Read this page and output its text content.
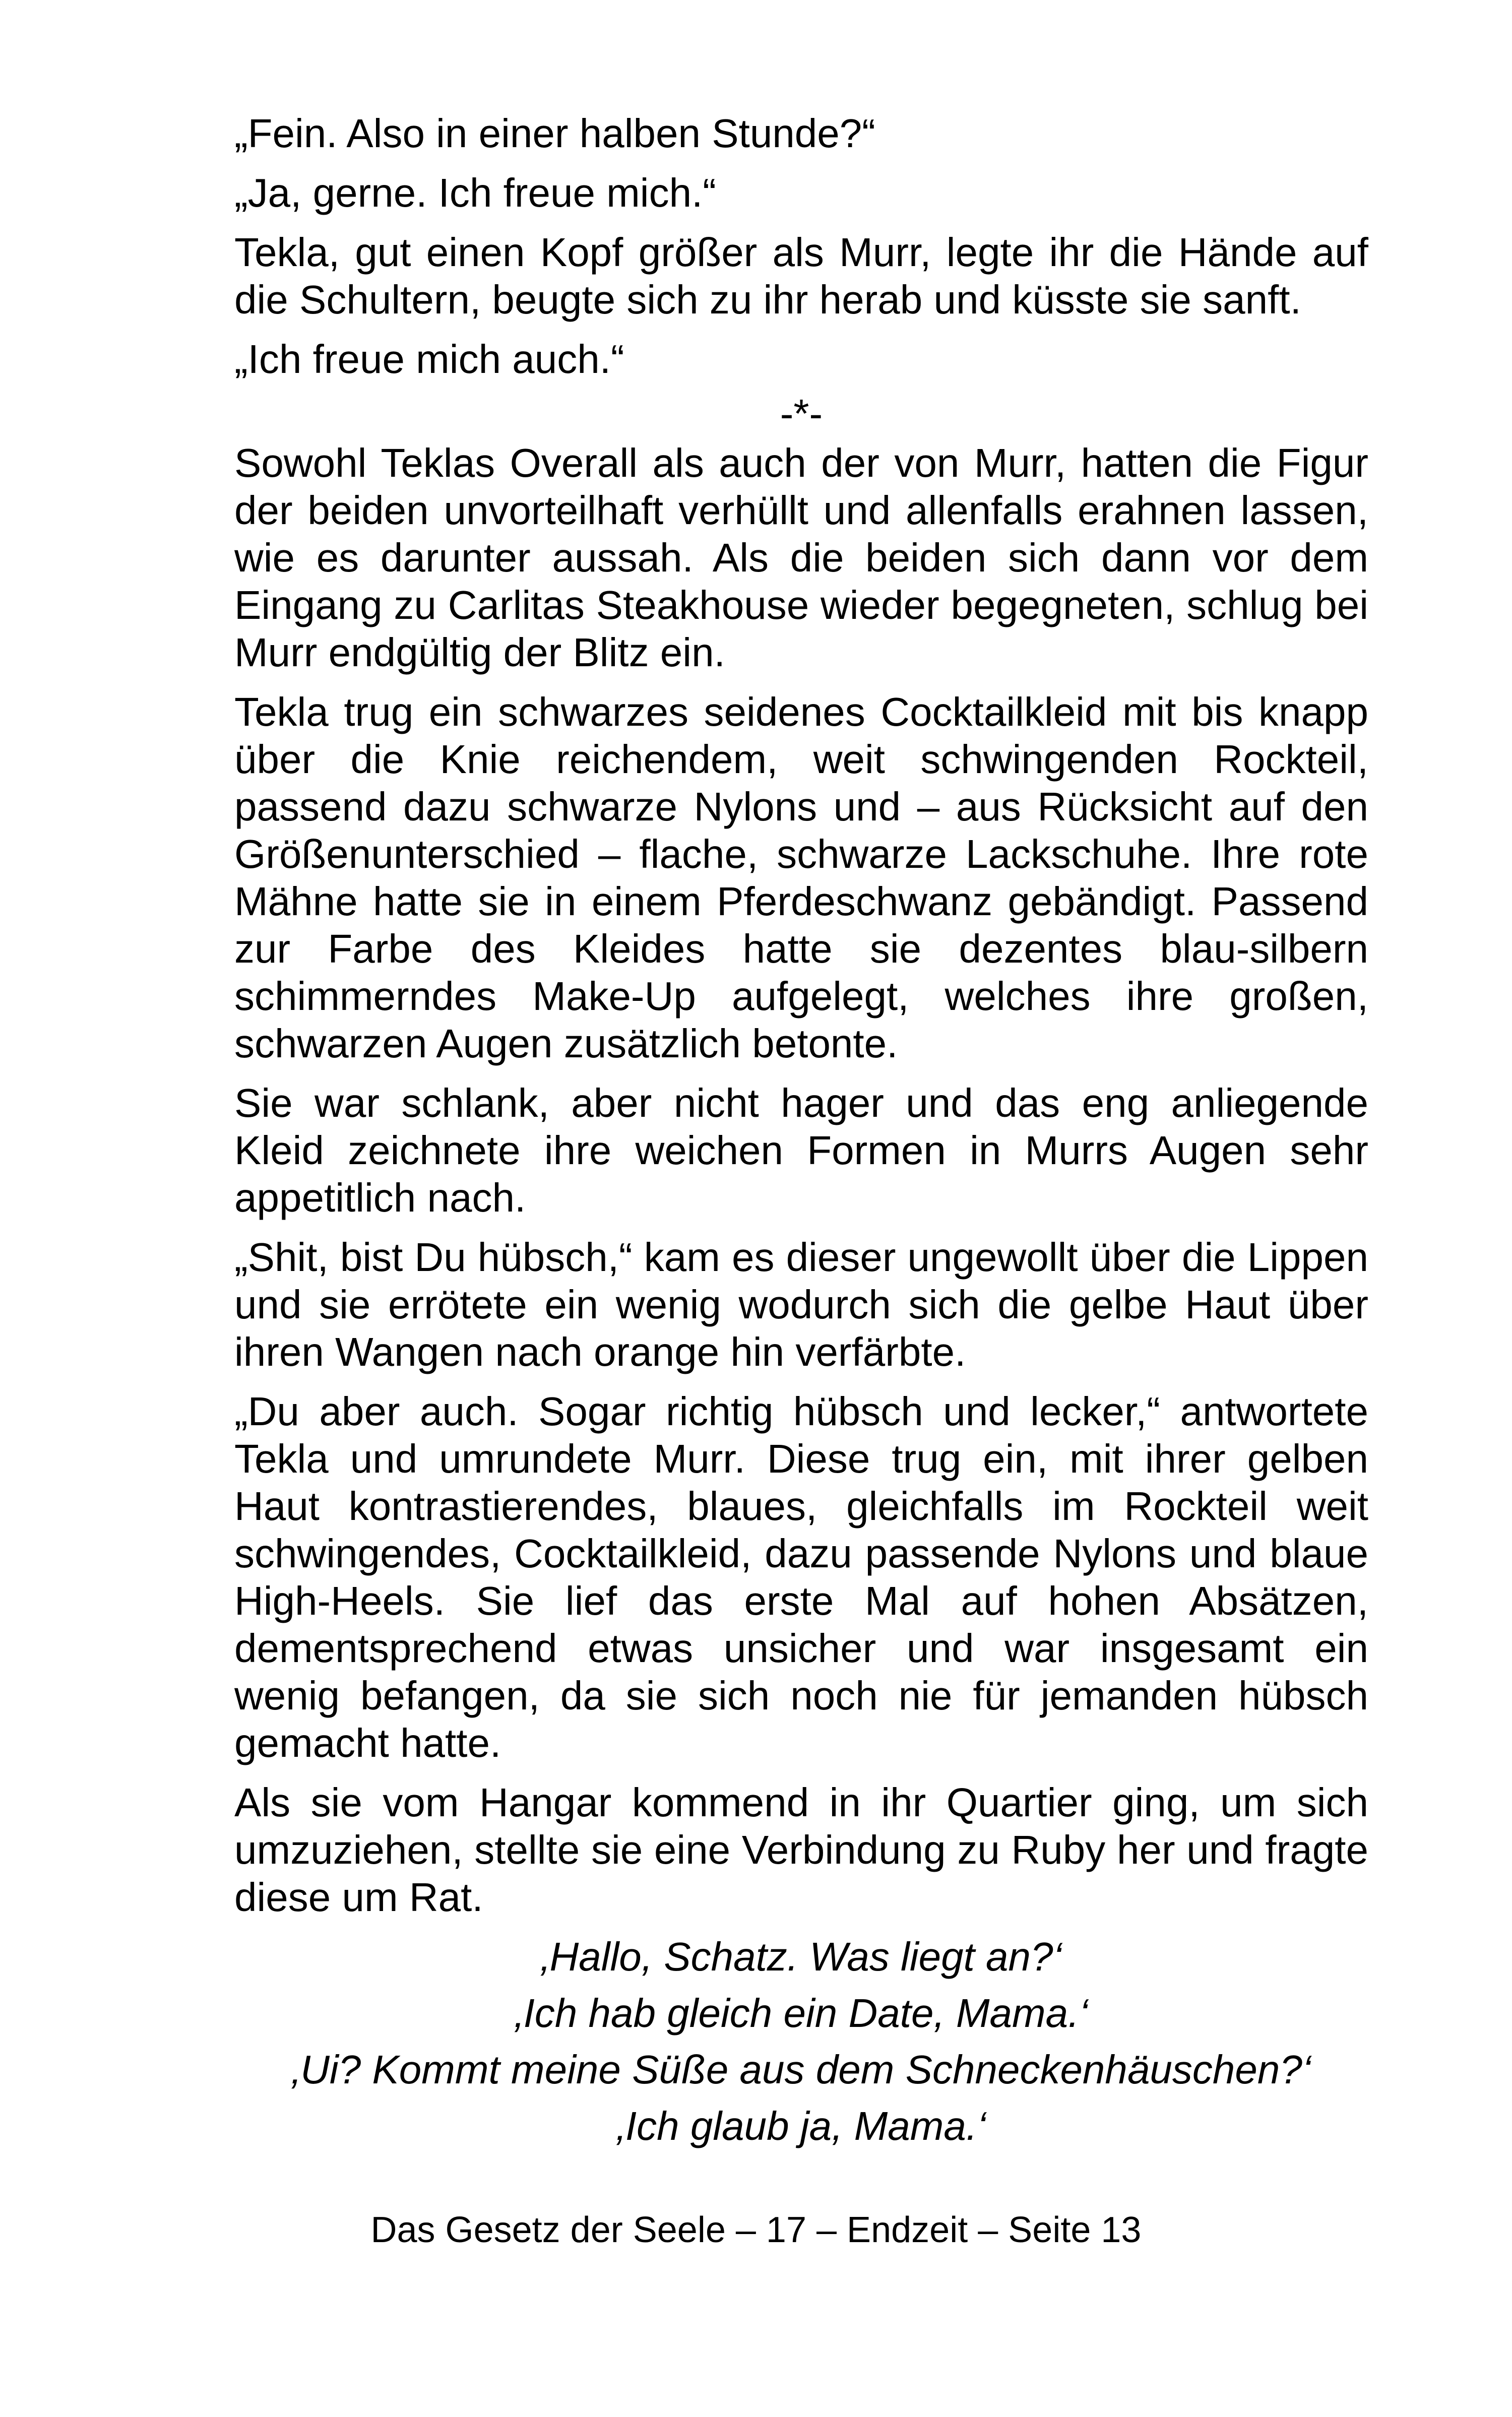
„Fein. Also in einer halben Stunde?“

„Ja, gerne. Ich freue mich.“

Tekla, gut einen Kopf größer als Murr, legte ihr die Hände auf die Schultern, beugte sich zu ihr herab und küsste sie sanft.

„Ich freue mich auch.“

-*-

Sowohl Teklas Overall als auch der von Murr, hatten die Figur der beiden unvorteilhaft verhüllt und allenfalls erahnen lassen, wie es darunter aussah. Als die beiden sich dann vor dem Eingang zu Carlitas Steakhouse wieder begegneten, schlug bei Murr endgültig der Blitz ein.

Tekla trug ein schwarzes seidenes Cocktailkleid mit bis knapp über die Knie reichendem, weit schwingenden Rockteil, passend dazu schwarze Nylons und – aus Rücksicht auf den Größenunterschied – flache, schwarze Lackschuhe. Ihre rote Mähne hatte sie in einem Pferdeschwanz gebändigt. Passend zur Farbe des Kleides hatte sie dezentes blau-silbern schimmerndes Make-Up aufgelegt, welches ihre großen, schwarzen Augen zusätzlich betonte.

Sie war schlank, aber nicht hager und das eng anliegende Kleid zeichnete ihre weichen Formen in Murrs Augen sehr appetitlich nach.

„Shit, bist Du hübsch,“ kam es dieser ungewollt über die Lippen und sie errötete ein wenig wodurch sich die gelbe Haut über ihren Wangen nach orange hin verfärbte.

„Du aber auch. Sogar richtig hübsch und lecker,“ antwortete Tekla und umrundete Murr. Diese trug ein, mit ihrer gelben Haut kontrastierendes, blaues, gleichfalls im Rockteil weit schwingendes, Cocktailkleid, dazu passende Nylons und blaue High-Heels. Sie lief das erste Mal auf hohen Absätzen, dementsprechend etwas unsicher und war insgesamt ein wenig befangen, da sie sich noch nie für jemanden hübsch gemacht hatte.

Als sie vom Hangar kommend in ihr Quartier ging, um sich umzuziehen, stellte sie eine Verbindung zu Ruby her und fragte diese um Rat.

‚Hallo, Schatz. Was liegt an?‘

‚Ich hab gleich ein Date, Mama.‘

‚Ui? Kommt meine Süße aus dem Schneckenhäuschen?‘

‚Ich glaub ja, Mama.‘

Das Gesetz der Seele – 17 – Endzeit – Seite 13
